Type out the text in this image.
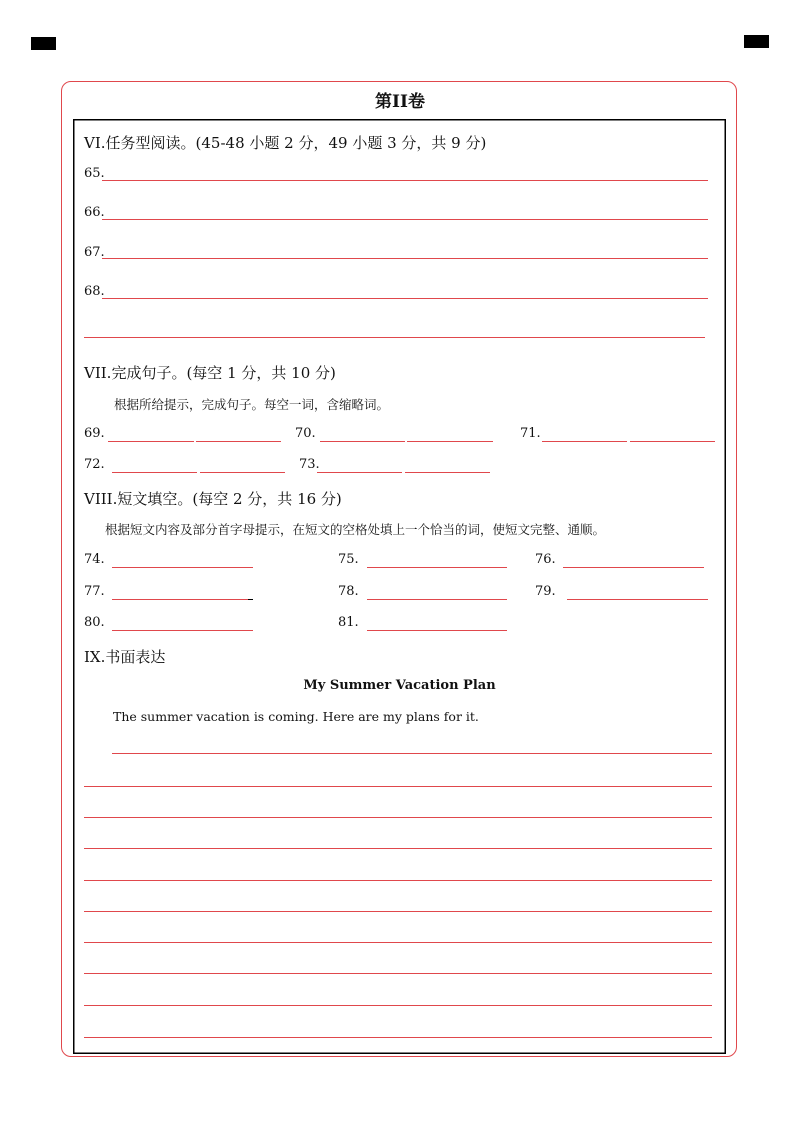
第II卷
VI.任务型阅读。(45-48 小题 2 分，49 小题 3 分，共 9 分)
65.
66.
67.
68.
VII.完成句子。(每空 1 分，共 10 分)
根据所给提示，完成句子。每空一词，含缩略词。
69.	70.	71.
72.	73.
VIII.短文填空。(每空 2 分，共 16 分)
根据短文内容及部分首字母提示，在短文的空格处填上一个恰当的词，使短文完整、通顺。
74.	75.	76.
77.	78.	79.
80.	81.
IX.书面表达
My Summer Vacation Plan
The summer vacation is coming. Here are my plans for it.
